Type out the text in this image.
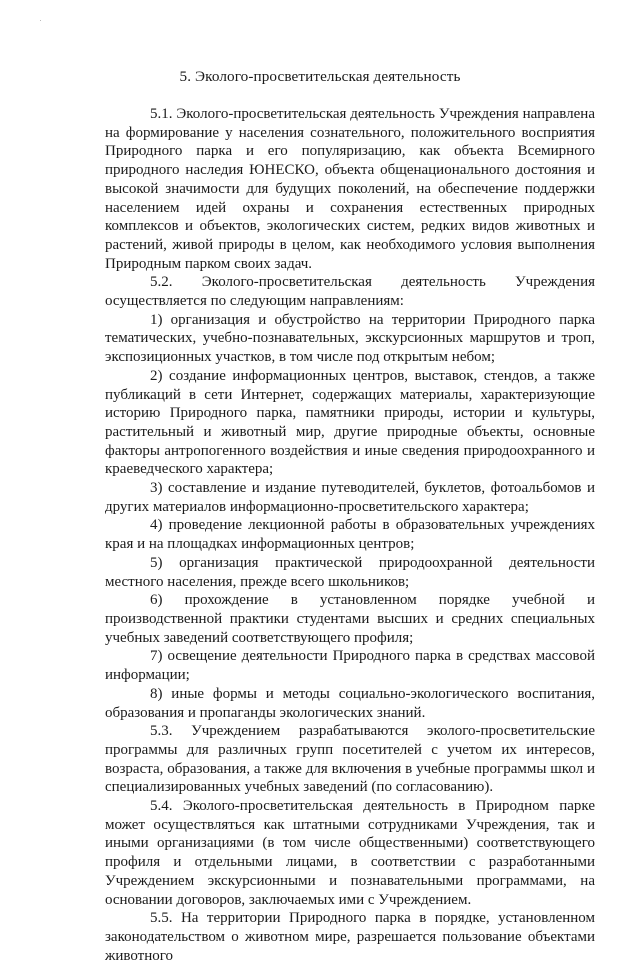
5. Эколого-просветительская деятельность

5.1. Эколого-просветительская деятельность Учреждения направлена на формирование у населения сознательного, положительного восприятия Природного парка и его популяризацию, как объекта Всемирного природного наследия ЮНЕСКО, объекта общенационального достояния и высокой значимости для будущих поколений, на обеспечение поддержки населением идей охраны и сохранения естественных природных комплексов и объектов, экологических систем, редких видов животных и растений, живой природы в целом, как необходимого условия выполнения Природным парком своих задач.

5.2. Эколого-просветительская деятельность Учреждения осуществляется по следующим направлениям:

1) организация и обустройство на территории Природного парка тематических, учебно-познавательных, экскурсионных маршрутов и троп, экспозиционных участков, в том числе под открытым небом;

2) создание информационных центров, выставок, стендов, а также публикаций в сети Интернет, содержащих материалы, характеризующие историю Природного парка, памятники природы, истории и культуры, растительный и животный мир, другие природные объекты, основные факторы антропогенного воздействия и иные сведения природоохранного и краеведческого характера;

3) составление и издание путеводителей, буклетов, фотоальбомов и других материалов информационно-просветительского характера;

4) проведение лекционной работы в образовательных учреждениях края и на площадках информационных центров;

5) организация практической природоохранной деятельности местного населения, прежде всего школьников;

6) прохождение в установленном порядке учебной и производственной практики студентами высших и средних специальных учебных заведений соответствующего профиля;

7) освещение деятельности Природного парка в средствах массовой информации;

8) иные формы и методы социально-экологического воспитания, образования и пропаганды экологических знаний.

5.3. Учреждением разрабатываются эколого-просветительские программы для различных групп посетителей с учетом их интересов, возраста, образования, а также для включения в учебные программы школ и специализированных учебных заведений (по согласованию).

5.4. Эколого-просветительская деятельность в Природном парке может осуществляться как штатными сотрудниками Учреждения, так и иными организациями (в том числе общественными) соответствующего профиля и отдельными лицами, в соответствии с разработанными Учреждением экскурсионными и познавательными программами, на основании договоров, заключаемых ими с Учреждением.

5.5. На территории Природного парка в порядке, установленном законодательством о животном мире, разрешается пользование объектами животного
